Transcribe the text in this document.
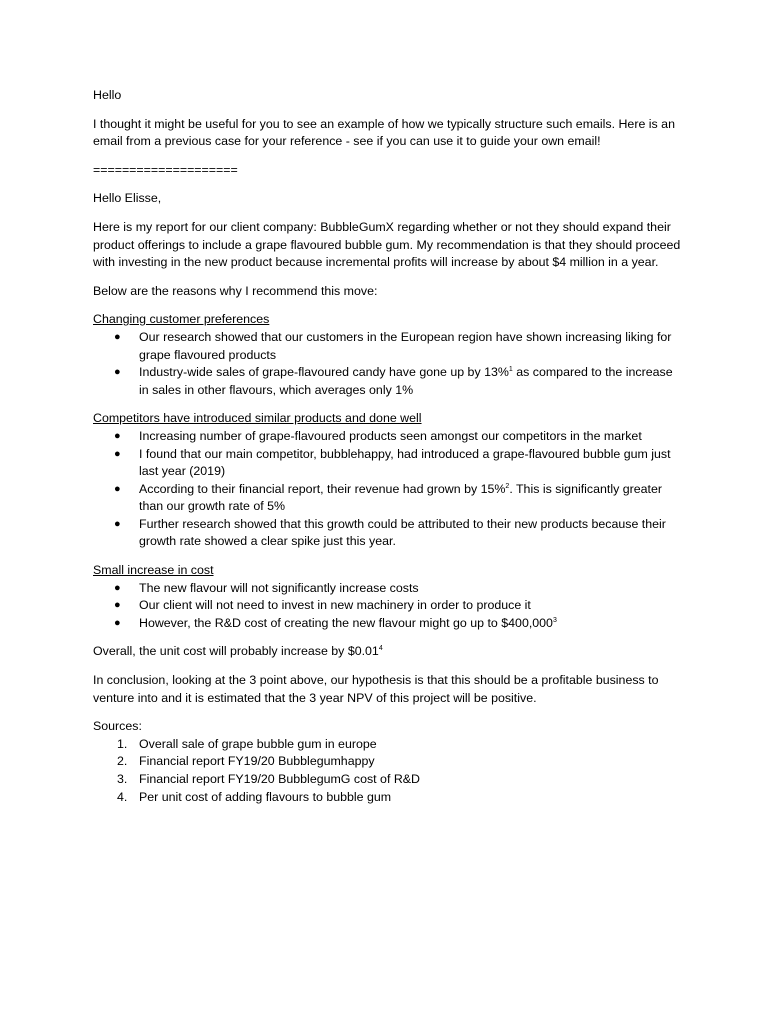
Hello

I thought it might be useful for you to see an example of how we typically structure such emails. Here is an email from a previous case for your reference - see if you can use it to guide your own email!

====================

Hello Elisse,

Here is my report for our client company: BubbleGumX regarding whether or not they should expand their product offerings to include a grape flavoured bubble gum. My recommendation is that they should proceed with investing in the new product because incremental profits will increase by about $4 million in a year.

Below are the reasons why I recommend this move:

Changing customer preferences

● Our research showed that our customers in the European region have shown increasing liking for grape flavoured products
● Industry-wide sales of grape-flavoured candy have gone up by 13%$^1$ as compared to the increase in sales in other flavours, which averages only 1%

Competitors have introduced similar products and done well

● Increasing number of grape-flavoured products seen amongst our competitors in the market
● I found that our main competitor, bubblehappy, had introduced a grape-flavoured bubble gum just last year (2019)
● According to their financial report, their revenue had grown by 15%$^2$. This is significantly greater than our growth rate of 5%
● Further research showed that this growth could be attributed to their new products because their growth rate showed a clear spike just this year.

Small increase in cost

● The new flavour will not significantly increase costs
● Our client will not need to invest in new machinery in order to produce it
● However, the R&D cost of creating the new flavour might go up to $400,000$^3$

Overall, the unit cost will probably increase by $0.01$^4$

In conclusion, looking at the 3 point above, our hypothesis is that this should be a profitable business to venture into and it is estimated that the 3 year NPV of this project will be positive.

Sources:

1. Overall sale of grape bubble gum in europe
2. Financial report FY19/20 Bubblegumhappy
3. Financial report FY19/20 BubblegumG cost of R&D
4. Per unit cost of adding flavours to bubble gum
